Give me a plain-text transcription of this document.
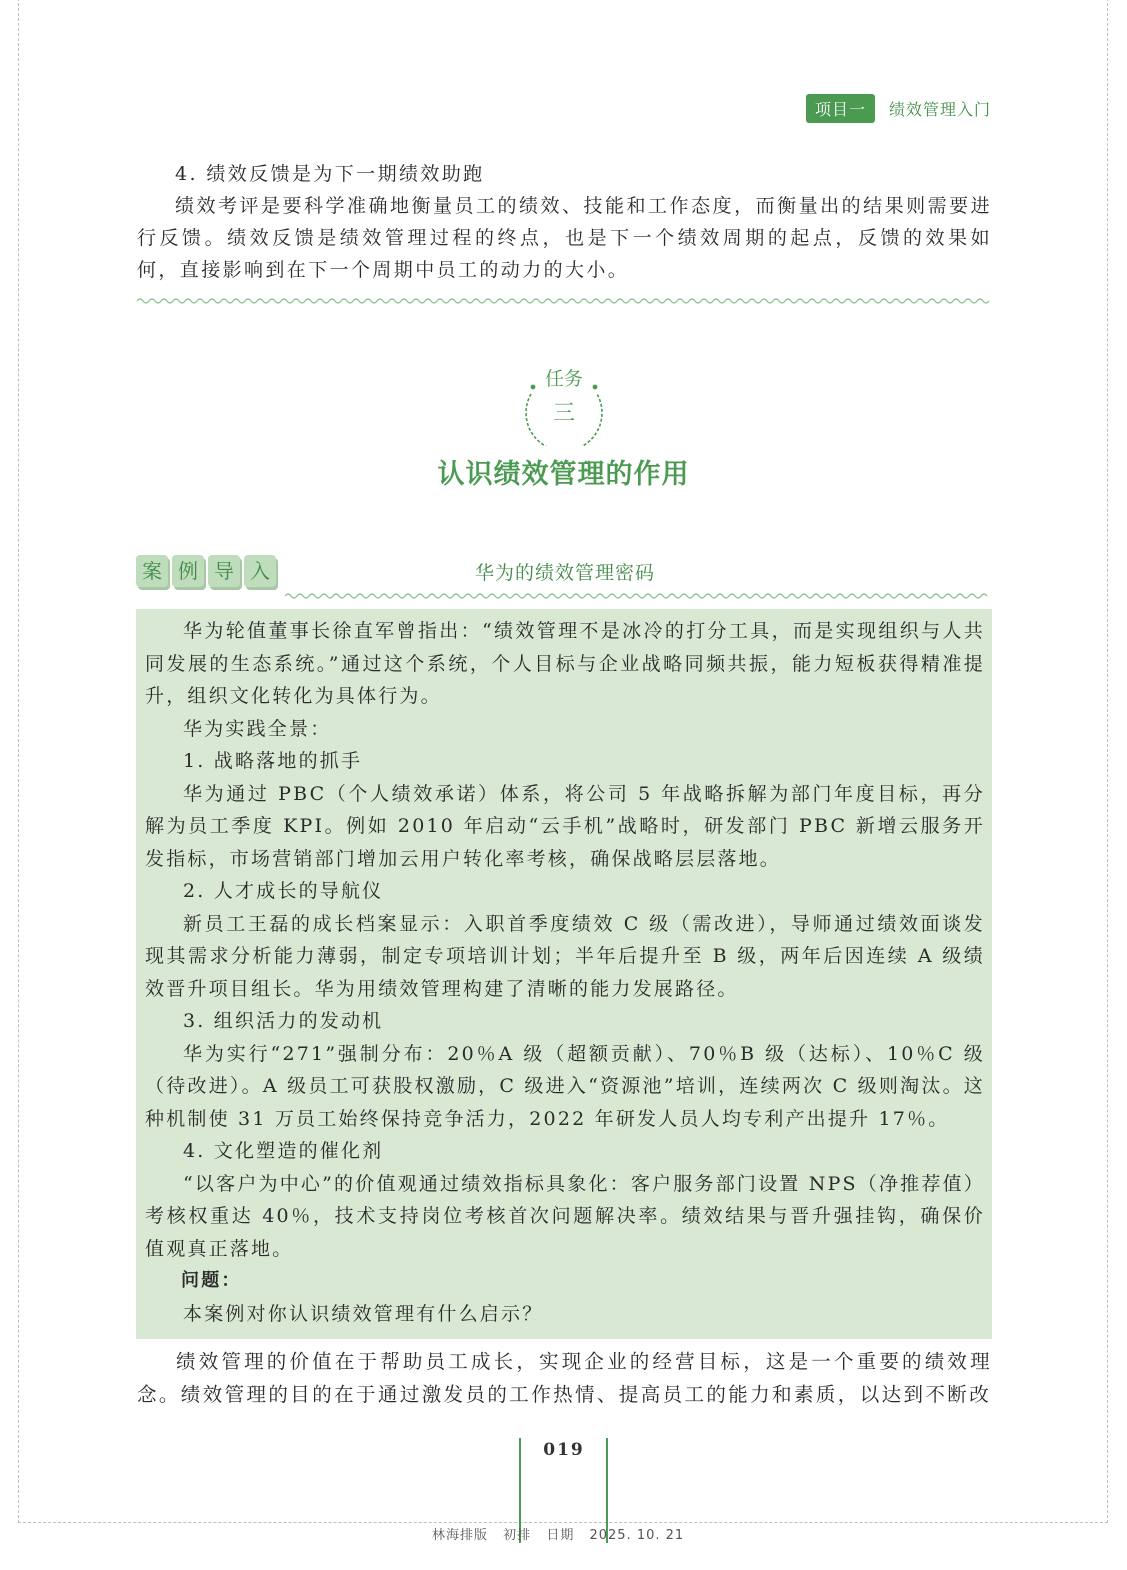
项目一	绩效管理入门

4. 绩效反馈是为下一期绩效助跑

绩效考评是要科学准确地衡量员工的绩效、技能和工作态度，而衡量出的结果则需要进行反馈。绩效反馈是绩效管理过程的终点，也是下一个绩效周期的起点，反馈的效果如何，直接影响到在下一个周期中员工的动力的大小。

任务
三
认识绩效管理的作用
案 例 导 入	华为的绩效管理密码

华为轮值董事长徐直军曾指出：“绩效管理不是冰冷的打分工具，而是实现组织与人共同发展的生态系统。”通过这个系统，个人目标与企业战略同频共振，能力短板获得精准提升，组织文化转化为具体行为。

华为实践全景：

1. 战略落地的抓手

华为通过 PBC（个人绩效承诺）体系，将公司 5 年战略拆解为部门年度目标，再分解为员工季度 KPI。例如 2010 年启动“云手机”战略时，研发部门 PBC 新增云服务开发指标，市场营销部门增加云用户转化率考核，确保战略层层落地。

2. 人才成长的导航仪

新员工王磊的成长档案显示：入职首季度绩效 C 级（需改进），导师通过绩效面谈发现其需求分析能力薄弱，制定专项培训计划；半年后提升至 B 级，两年后因连续 A 级绩效晋升项目组长。华为用绩效管理构建了清晰的能力发展路径。

3. 组织活力的发动机

华为实行“271”强制分布：20％A 级（超额贡献）、70％B 级（达标）、10％C 级（待改进）。A 级员工可获股权激励，C 级进入“资源池”培训，连续两次 C 级则淘汰。这种机制使 31 万员工始终保持竞争活力，2022 年研发人员人均专利产出提升 17％。

4. 文化塑造的催化剂

“以客户为中心”的价值观通过绩效指标具象化：客户服务部门设置 NPS（净推荐值）考核权重达 40％，技术支持岗位考核首次问题解决率。绩效结果与晋升强挂钩，确保价值观真正落地。

问题：

本案例对你认识绩效管理有什么启示？

绩效管理的价值在于帮助员工成长，实现企业的经营目标，这是一个重要的绩效理念。绩效管理的目的在于通过激发员的工作热情、提高员工的能力和素质，以达到不断改

019
林海排版 初排 日期 2025. 10. 21
